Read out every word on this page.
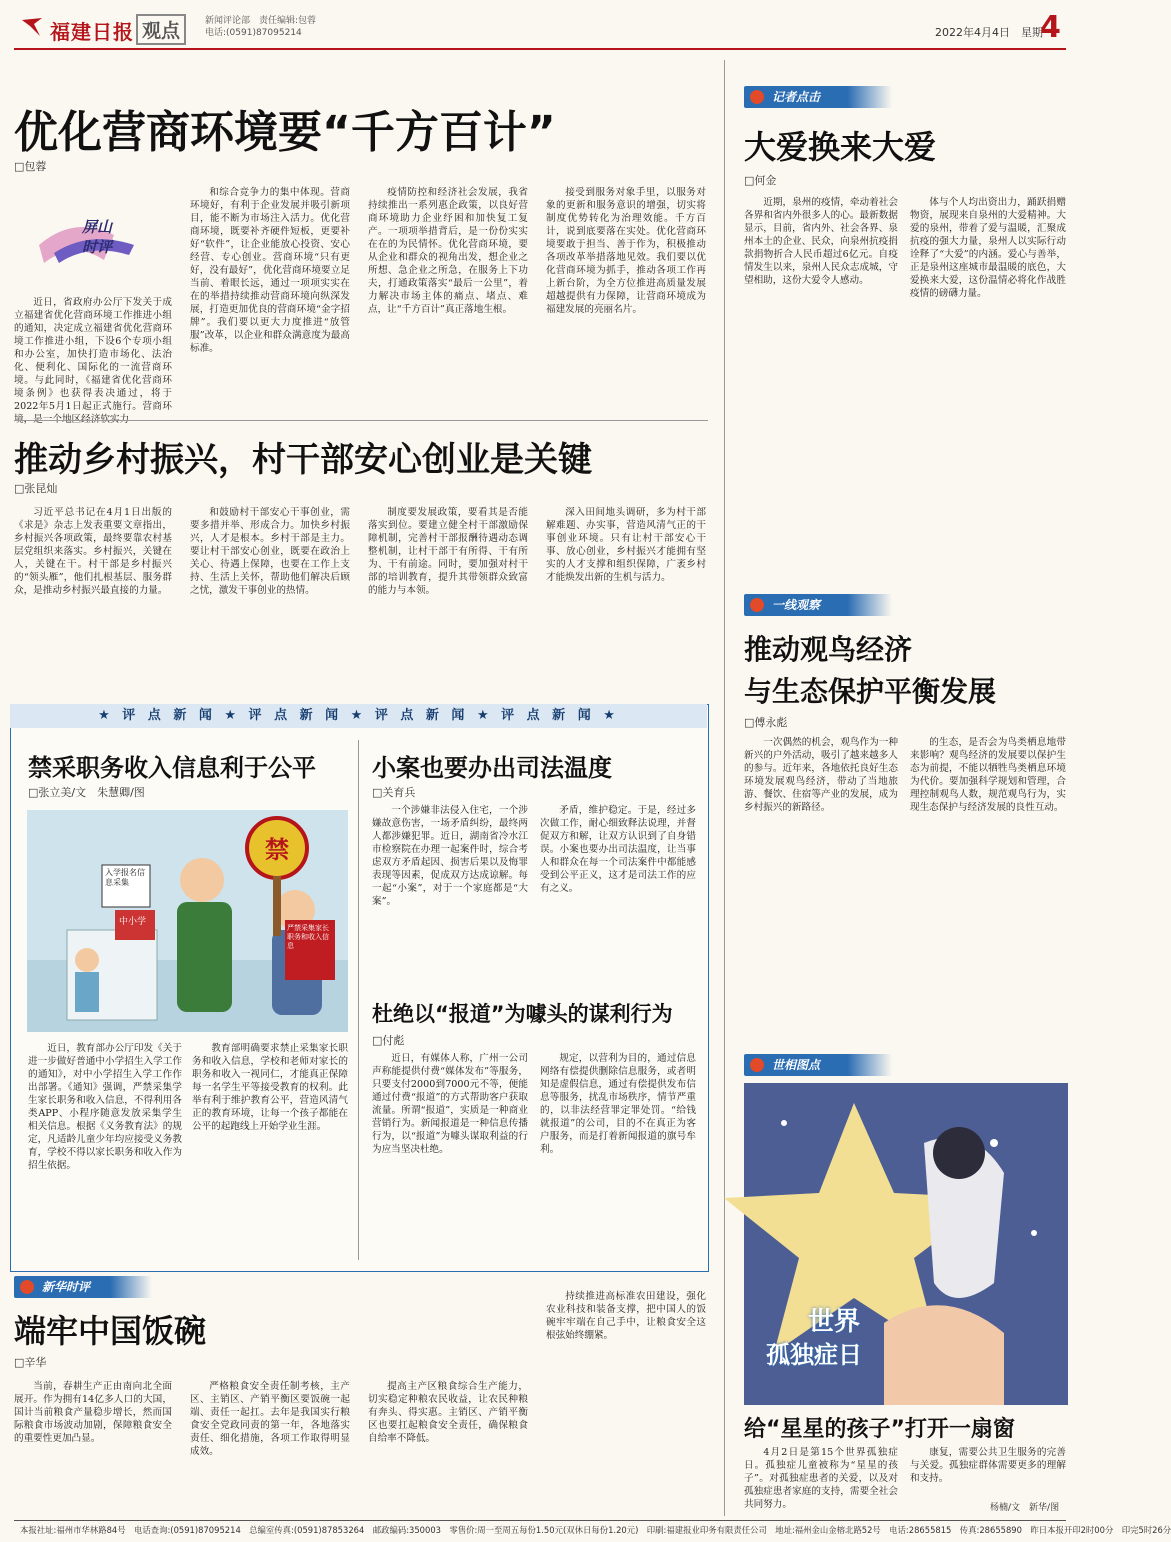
福建日报 观点	新闻评论部　责任编辑:包蓉
电话:(0591)87095214	2022年4月4日　星期一
4
优化营商环境要“千方百计”
□包蓉
屏山时评
近日，省政府办公厅下发关于成立福建省优化营商环境工作推进小组的通知，决定成立福建省优化营商环境工作推进小组，下设6个专项小组和办公室，加快打造市场化、法治化、便利化、国际化的一流营商环境。与此同时，《福建省优化营商环境条例》也获得表决通过，将于2022年5月1日起正式施行。营商环
和综合竞争力的集中体现。营商环境好，有利于企业发展并吸引新项目，能不断为市场注入活力。优化营商环境，既要补齐硬件短板，更要补好“软件”，让企业能放心投资、安心经营、专心创业。营商环境“只有更好，没有最好”，优化营商环境要立足当前、着眼长远，通过一项项实实在在的举措持续推动营商环境向纵深发展，打造更加优良的营商环境“金字招牌”。我们要以更大力度推进“放管服”改革，以企业和群众满意度为最高标准。
疫情防控和经济社会发展，我省持续推出一系列惠企政策，以良好营商环境助力企业纾困和加快复工复产。一项项举措背后，是一份份实实在在的为民情怀。优化营商环境，要从企业和群众的视角出发，想企业之所想、急企业之所急，在服务上下功夫，打通政策落实“最后一公里”，着力解决市场主体的痛点、堵点、难点，让“千方百计”真正落地生根。
接受到服务对象手里，以服务对象的更新和服务意识的增强，切实将制度优势转化为治理效能。千方百计，说到底要落在实处。优化营商环境要敢于担当、善于作为，积极推动各项改革举措落地见效。我们要以优化营商环境为抓手，推动各项工作再上新台阶，为全方位推进高质量发展超越提供有力保障，让营商环境成为福建发展的亮丽名片。
推动乡村振兴，村干部安心创业是关键
□张昆灿
习近平总书记在4月1日出版的《求是》杂志上发表重要文章指出，乡村振兴各项政策，最终要靠农村基层党组织来落实。乡村振兴，关键在人，关键在干。村干部是乡村振兴的“领头雁”，他们扎根基层、服务群众，是推动乡村振兴最直接的力量。
和鼓励村干部安心干事创业，需要多措并举、形成合力。加快乡村振兴，人才是根本。乡村干部是主力。要让村干部安心创业，既要在政治上关心、待遇上保障，也要在工作上支持、生活上关怀，帮助他们解决后顾之忧，激发干事创业的热情。
制度要发展政策，要看其是否能落实到位。要建立健全村干部激励保障机制，完善村干部报酬待遇动态调整机制，让村干部干有所得、干有所为、干有前途。同时，要加强对村干部的培训教育，提升其带领群众致富的能力与本领。
深入田间地头调研，多为村干部解难题、办实事，营造风清气正的干事创业环境。只有让村干部安心干事、放心创业，乡村振兴才能拥有坚实的人才支撑和组织保障，广袤乡村才能焕发出新的生机与活力。
★ 评 点 新 闻 ★ 评 点 新 闻 ★ 评 点 新 闻 ★ 评 点 新 闻 ★
禁采职务收入信息利于公平
□张立美/文　朱慧卿/图
禁
入学报名信息采集
严禁采集家长职务和收入信息
中小学
近日，教育部办公厅印发《关于进一步做好普通中小学招生入学工作的通知》，对中小学招生入学工作作出部署。《通知》强调，严禁采集学生家长职务和收入信息，不得利用各类APP、小程序随意发放采集学生相关信息。根据《义务教育法》的规定，凡适龄儿童少年均应接受义务教育，学校不得以家长职务和收入作为招生依据。
教育部明确要求禁止采集家长职务和收入信息，学校和老师对家长的职务和收入一视同仁，才能真正保障每一名学生平等接受教育的权利。此举有利于维护教育公平，营造风清气正的教育环境，让每一个孩子都能在公平的起跑线上开始学业生涯。
小案也要办出司法温度
□关育兵
一个涉嫌非法侵入住宅，一个涉嫌故意伤害，一场矛盾纠纷，最终两人都涉嫌犯罪。近日，湖南省冷水江市检察院在办理一起案件时，综合考虑双方矛盾起因、损害后果以及悔罪表现等因素，促成双方达成谅解。每一起“小案”，对于一个家庭都是“大案”。
矛盾，维护稳定。于是，经过多次做工作，耐心细致释法说理，并督促双方和解，让双方认识到了自身错误。小案也要办出司法温度，让当事人和群众在每一个司法案件中都能感受到公平正义，这才是司法工作的应有之义。
杜绝以“报道”为噱头的谋利行为
□付彪
近日，有媒体人称，广州一公司声称能提供付费“媒体发布”等服务，只要支付2000到7000元不等，便能通过付费“报道”的方式帮助客户获取流量。所谓“报道”，实质是一种商业营销行为。新闻报道是一种信息传播行为，以“报道”为噱头谋取利益的行为应当坚决杜绝。
规定，以营利为目的，通过信息网络有偿提供删除信息服务，或者明知是虚假信息，通过有偿提供发布信息等服务，扰乱市场秩序，情节严重的，以非法经营罪定罪处罚。“给钱就报道”的公司，目的不在真正为客户服务，而是打着新闻报道的旗号牟利。
新华时评
端牢中国饭碗
□辛华
当前，春耕生产正由南向北全面展开。作为拥有14亿多人口的大国，国计当前粮食产量稳步增长，然而国际粮食市场波动加剧，保障粮食安全的重要性更加凸显。
严格粮食安全责任制考核，主产区、主销区、产销平衡区要饭碗一起端、责任一起扛。去年是我国实行粮食安全党政同责的第一年，各地落实责任、细化措施，各项工作取得明显成效。
提高主产区粮食综合生产能力，切实稳定种粮农民收益，让农民种粮有奔头、得实惠。主销区、产销平衡区也要扛起粮食安全责任，确保粮食自给率不降低。
持续推进高标准农田建设，强化农业科技和装备支撑，把中国人的饭碗牢牢端在自己手中，让粮食安全这根弦始终绷紧。
记者点击
大爱换来大爱
□何金
近期，泉州的疫情，牵动着社会各界和省内外很多人的心。最新数据显示，目前，省内外、社会各界、泉州本土的企业、民众，向泉州抗疫捐款捐物折合人民币超过6亿元。自疫情发生以来，泉州人民众志成城，守望相助，这份大爱令人感动。
体与个人均出资出力，踊跃捐赠物资，展现来自泉州的大爱精神。大爱的泉州，带着了爱与温暖，汇聚成抗疫的强大力量，泉州人以实际行动诠释了“大爱”的内涵。爱心与善举，正是泉州这座城市最温暖的底色，大爱换来大爱，这份温情必将化作战胜疫情的磅礴力量。
一线观察
推动观鸟经济
与生态保护平衡发展
□傅永彪
一次偶然的机会，观鸟作为一种新兴的户外活动，吸引了越来越多人的参与。近年来，各地依托良好生态环境发展观鸟经济，带动了当地旅游、餐饮、住宿等产业的发展，成为乡村振兴的新路径。
的生态，是否会为鸟类栖息地带来影响？观鸟经济的发展要以保护生态为前提，不能以牺牲鸟类栖息环境为代价。要加强科学规划和管理，合理控制观鸟人数，规范观鸟行为，实现生态保护与经济发展的良性互动。
世相图点
世界
孤独症日
给“星星的孩子”打开一扇窗
4月2日是第15个世界孤独症日。孤独症儿童被称为“星星的孩子”。对孤独症患者的关爱，以及对孤独症患者家庭的支持，需要全社会共同努力。
康复，需要公共卫生服务的完善与关爱。孤独症群体需要更多的理解和支持。
杨楠/文　新华/图
本报社址:福州市华林路84号　电话查询:(0591)87095214　总编室传真:(0591)87853264　邮政编码:350003　零售价:周一至周五每份1.50元(双休日每份1.20元)　印刷:福建报业印务有限责任公司　地址:福州金山金榕北路52号　电话:28655815　传真:28655890　昨日本报开印2时00分　印完5时26分
